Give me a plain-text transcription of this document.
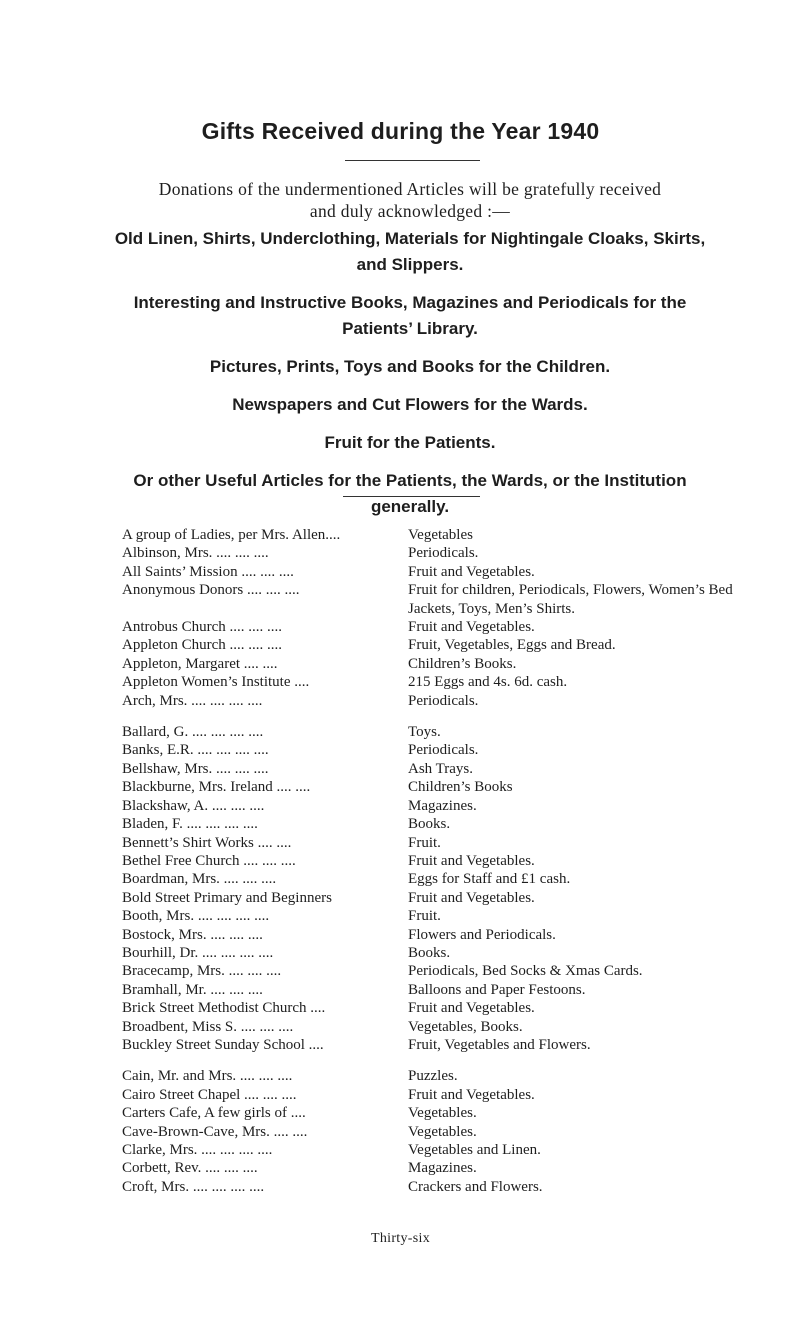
Gifts Received during the Year 1940
Donations of the undermentioned Articles will be gratefully received and duly acknowledged :—
Old Linen, Shirts, Underclothing, Materials for Nightingale Cloaks, Skirts, and Slippers.
Interesting and Instructive Books, Magazines and Periodicals for the Patients’ Library.
Pictures, Prints, Toys and Books for the Children.
Newspapers and Cut Flowers for the Wards.
Fruit for the Patients.
Or other Useful Articles for the Patients, the Wards, or the Institution generally.
A group of Ladies, per Mrs. Allen....	Vegetables
Albinson, Mrs. .... .... ....	Periodicals.
All Saints’ Mission .... .... ....	Fruit and Vegetables.
Anonymous Donors .... .... ....	Fruit for children, Periodicals, Flowers, Women’s Bed Jackets, Toys, Men’s Shirts.
Antrobus Church .... .... ....	Fruit and Vegetables.
Appleton Church .... .... ....	Fruit, Vegetables, Eggs and Bread.
Appleton, Margaret .... ....	Children’s Books.
Appleton Women’s Institute ....	215 Eggs and 4s. 6d. cash.
Arch, Mrs. .... .... .... ....	Periodicals.
Ballard, G. .... .... .... ....	Toys.
Banks, E.R. .... .... .... ....	Periodicals.
Bellshaw, Mrs. .... .... ....	Ash Trays.
Blackburne, Mrs. Ireland .... ....	Children’s Books
Blackshaw, A. .... .... ....	Magazines.
Bladen, F. .... .... .... ....	Books.
Bennett’s Shirt Works .... ....	Fruit.
Bethel Free Church .... .... ....	Fruit and Vegetables.
Boardman, Mrs. .... .... ....	Eggs for Staff and £1 cash.
Bold Street Primary and Beginners	Fruit and Vegetables.
Booth, Mrs. .... .... .... ....	Fruit.
Bostock, Mrs. .... .... ....	Flowers and Periodicals.
Bourhill, Dr. .... .... .... ....	Books.
Bracecamp, Mrs. .... .... ....	Periodicals, Bed Socks & Xmas Cards.
Bramhall, Mr. .... .... ....	Balloons and Paper Festoons.
Brick Street Methodist Church ....	Fruit and Vegetables.
Broadbent, Miss S. .... .... ....	Vegetables, Books.
Buckley Street Sunday School ....	Fruit, Vegetables and Flowers.
Cain, Mr. and Mrs. .... .... ....	Puzzles.
Cairo Street Chapel .... .... ....	Fruit and Vegetables.
Carters Cafe, A few girls of ....	Vegetables.
Cave-Brown-Cave, Mrs. .... ....	Vegetables.
Clarke, Mrs. .... .... .... ....	Vegetables and Linen.
Corbett, Rev. .... .... ....	Magazines.
Croft, Mrs. .... .... .... ....	Crackers and Flowers.
Thirty-six
